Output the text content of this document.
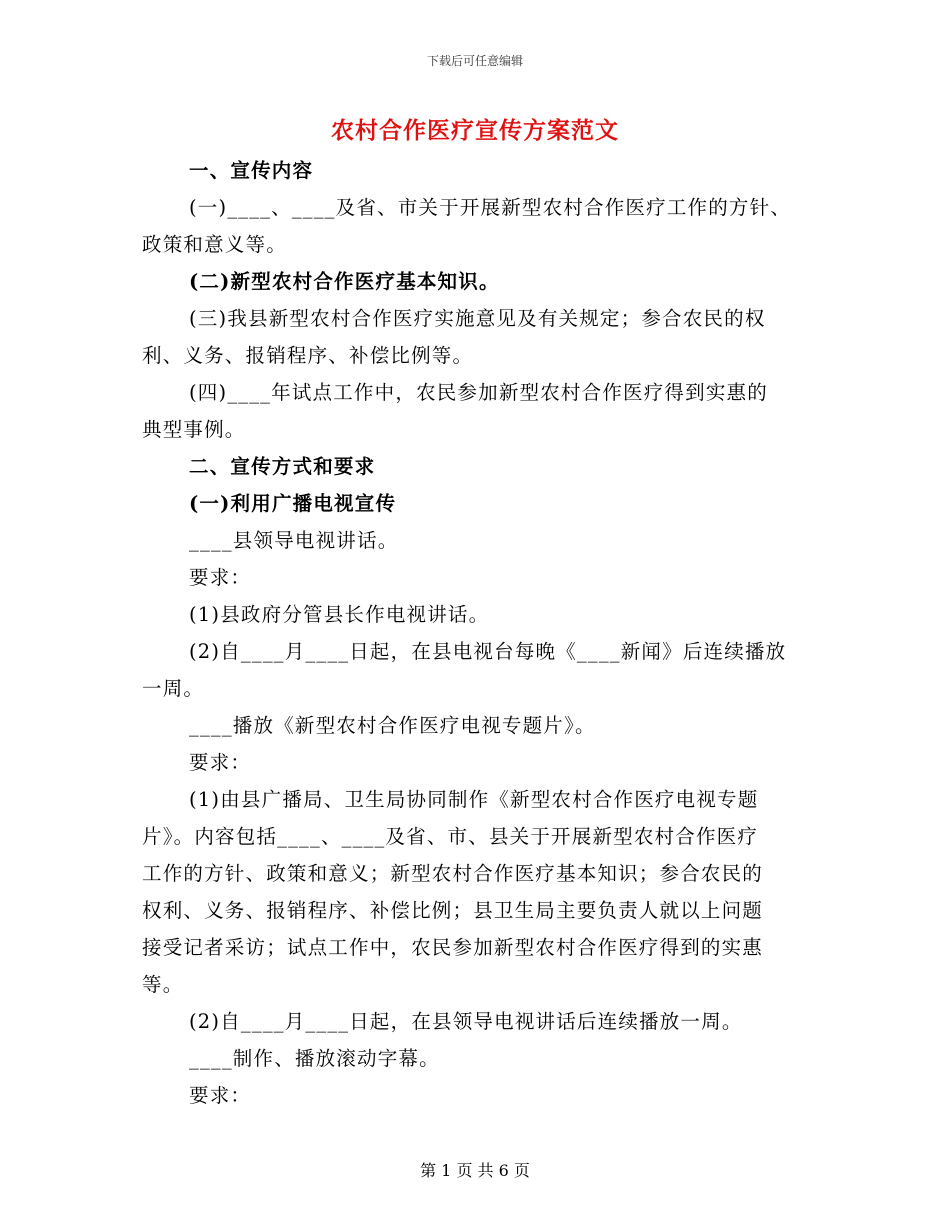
下载后可任意编辑
农村合作医疗宣传方案范文
一、宣传内容
(一)____、____及省、市关于开展新型农村合作医疗工作的方针、
政策和意义等。
(二)新型农村合作医疗基本知识。
(三)我县新型农村合作医疗实施意见及有关规定；参合农民的权
利、义务、报销程序、补偿比例等。
(四)____年试点工作中，农民参加新型农村合作医疗得到实惠的
典型事例。
二、宣传方式和要求
(一)利用广播电视宣传
____县领导电视讲话。
要求：
(1)县政府分管县长作电视讲话。
(2)自____月____日起，在县电视台每晚《____新闻》后连续播放
一周。
____播放《新型农村合作医疗电视专题片》。
要求：
(1)由县广播局、卫生局协同制作《新型农村合作医疗电视专题
片》。内容包括____、____及省、市、县关于开展新型农村合作医疗
工作的方针、政策和意义；新型农村合作医疗基本知识；参合农民的
权利、义务、报销程序、补偿比例；县卫生局主要负责人就以上问题
接受记者采访；试点工作中，农民参加新型农村合作医疗得到的实惠
等。
(2)自____月____日起，在县领导电视讲话后连续播放一周。
____制作、播放滚动字幕。
要求：
第 1 页 共 6 页
